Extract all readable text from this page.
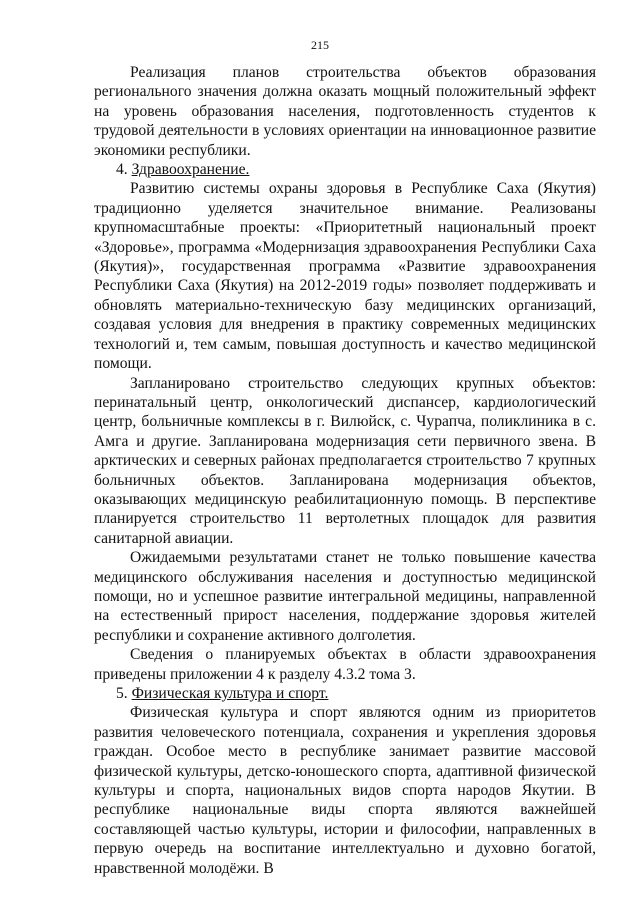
215

Реализация планов строительства объектов образования регионального значения должна оказать мощный положительный эффект на уровень образования населения, подготовленность студентов к трудовой деятельности в условиях ориентации на инновационное развитие экономики республики.

4. Здравоохранение.

Развитию системы охраны здоровья в Республике Саха (Якутия) традиционно уделяется значительное внимание. Реализованы крупномасштабные проекты: «Приоритетный национальный проект «Здоровье», программа «Модернизация здравоохранения Республики Саха (Якутия)», государственная программа «Развитие здравоохранения Республики Саха (Якутия) на 2012-2019 годы» позволяет поддерживать и обновлять материально-техническую базу медицинских организаций, создавая условия для внедрения в практику современных медицинских технологий и, тем самым, повышая доступность и качество медицинской помощи.

Запланировано строительство следующих крупных объектов: перинатальный центр, онкологический диспансер, кардиологический центр, больничные комплексы в г. Вилюйск, с. Чурапча, поликлиника в с. Амга и другие. Запланирована модернизация сети первичного звена. В арктических и северных районах предполагается строительство 7 крупных больничных объектов. Запланирована модернизация объектов, оказывающих медицинскую реабилитационную помощь. В перспективе планируется строительство 11 вертолетных площадок для развития санитарной авиации.

Ожидаемыми результатами станет не только повышение качества медицинского обслуживания населения и доступностью медицинской помощи, но и успешное развитие интегральной медицины, направленной на естественный прирост населения, поддержание здоровья жителей республики и сохранение активного долголетия.

Сведения о планируемых объектах в области здравоохранения приведены приложении 4 к разделу 4.3.2 тома 3.

5. Физическая культура и спорт.

Физическая культура и спорт являются одним из приоритетов развития человеческого потенциала, сохранения и укрепления здоровья граждан. Особое место в республике занимает развитие массовой физической культуры, детско-юношеского спорта, адаптивной физической культуры и спорта, национальных видов спорта народов Якутии. В республике национальные виды спорта являются важнейшей составляющей частью культуры, истории и философии, направленных в первую очередь на воспитание интеллектуально и духовно богатой, нравственной молодёжи. В
